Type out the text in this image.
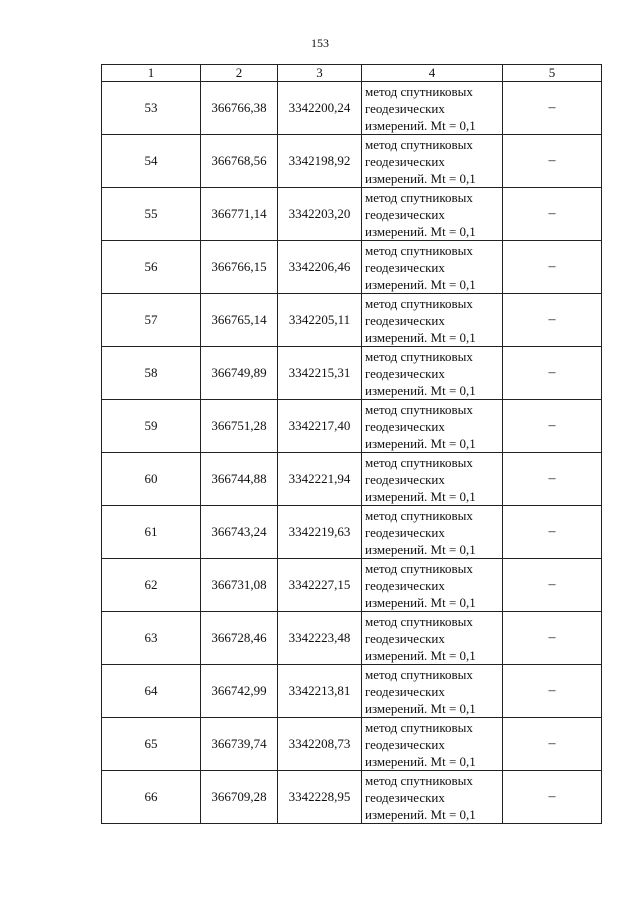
153
1	2	3	4	5
53	366766,38	3342200,24	метод спутниковых
геодезических
измерений. Mt = 0,1	–
54	366768,56	3342198,92	метод спутниковых
геодезических
измерений. Mt = 0,1	–
55	366771,14	3342203,20	метод спутниковых
геодезических
измерений. Mt = 0,1	–
56	366766,15	3342206,46	метод спутниковых
геодезических
измерений. Mt = 0,1	–
57	366765,14	3342205,11	метод спутниковых
геодезических
измерений. Mt = 0,1	–
58	366749,89	3342215,31	метод спутниковых
геодезических
измерений. Mt = 0,1	–
59	366751,28	3342217,40	метод спутниковых
геодезических
измерений. Mt = 0,1	–
60	366744,88	3342221,94	метод спутниковых
геодезических
измерений. Mt = 0,1	–
61	366743,24	3342219,63	метод спутниковых
геодезических
измерений. Mt = 0,1	–
62	366731,08	3342227,15	метод спутниковых
геодезических
измерений. Mt = 0,1	–
63	366728,46	3342223,48	метод спутниковых
геодезических
измерений. Mt = 0,1	–
64	366742,99	3342213,81	метод спутниковых
геодезических
измерений. Mt = 0,1	–
65	366739,74	3342208,73	метод спутниковых
геодезических
измерений. Mt = 0,1	–
66	366709,28	3342228,95	метод спутниковых
геодезических
измерений. Mt = 0,1	–
